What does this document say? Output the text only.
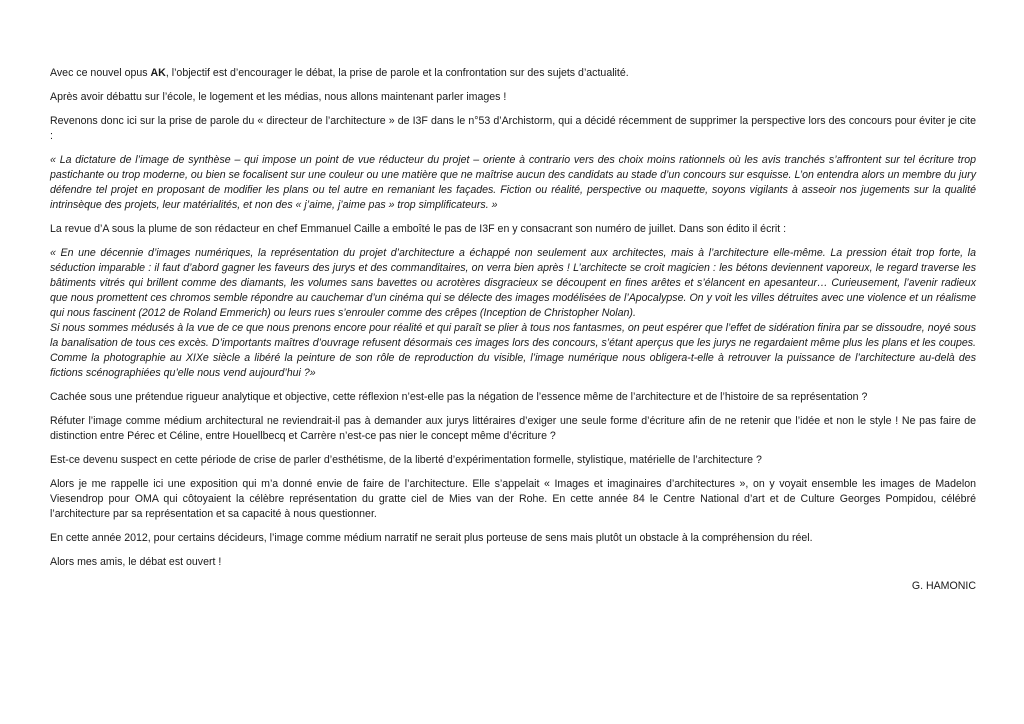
Avec ce nouvel opus AK, l’objectif est d’encourager le débat, la prise de parole et la confrontation sur des sujets d’actualité.

Après avoir débattu sur l’école, le logement et les médias, nous allons maintenant parler images !

Revenons donc ici sur la prise de parole du « directeur de l’architecture » de I3F dans le n°53 d’Archistorm, qui a décidé récemment de supprimer la perspective lors des concours pour éviter je cite :

« La dictature de l’image de synthèse – qui impose un point de vue réducteur du projet – oriente à contrario vers des choix moins rationnels où les avis tranchés s’affrontent sur tel écriture trop pastichante ou trop moderne, ou bien se focalisent sur une couleur ou une matière que ne maîtrise aucun des candidats au stade d’un concours sur esquisse. L’on entendra alors un membre du jury défendre tel projet en proposant de modifier les plans ou tel autre en remaniant les façades. Fiction ou réalité, perspective ou maquette, soyons vigilants à asseoir nos jugements sur la qualité intrinsèque des projets, leur matérialités, et non des « j’aime, j’aime pas » trop simplificateurs. »

La revue d’A sous la plume de son rédacteur en chef Emmanuel Caille a emboîté le pas de I3F en y consacrant son numéro de juillet. Dans son édito il écrit :

« En une décennie d’images numériques, la représentation du projet d’architecture a échappé non seulement aux architectes, mais à l’architecture elle-même. La pression était trop forte, la séduction imparable : il faut d’abord gagner les faveurs des jurys et des commanditaires, on verra bien après ! L’architecte se croit magicien : les bétons deviennent vaporeux, le regard traverse les bâtiments vitrés qui brillent comme des diamants, les volumes sans bavettes ou acrotères disgracieux se découpent en fines arêtes et s’élancent en apesanteur… Curieusement, l’avenir radieux que nous promettent ces chromos semble répondre au cauchemar d’un cinéma qui se délecte des images modélisées de l’Apocalypse. On y voit les villes détruites avec une violence et un réalisme qui nous fascinent (2012 de Roland Emmerich) ou leurs rues s’enrouler comme des crêpes (Inception de Christopher Nolan).

Si nous sommes médusés à la vue de ce que nous prenons encore pour réalité et qui paraît se plier à tous nos fantasmes, on peut espérer que l’effet de sidération finira par se dissoudre, noyé sous la banalisation de tous ces excès. D’importants maîtres d’ouvrage refusent désormais ces images lors des concours, s’étant aperçus que les jurys ne regardaient même plus les plans et les coupes. Comme la photographie au XIXe siècle a libéré la peinture de son rôle de reproduction du visible, l’image numérique nous obligera-t-elle à retrouver la puissance de l’architecture au-delà des fictions scénographiées qu’elle nous vend aujourd’hui ?»

Cachée sous une prétendue rigueur analytique et objective, cette réflexion n’est-elle pas la négation de l’essence même de l’architecture et de l’histoire de sa représentation ?

Réfuter l’image comme médium architectural ne reviendrait-il pas à demander aux jurys littéraires d’exiger une seule forme d’écriture afin de ne retenir que l’idée et non le style ! Ne pas faire de distinction entre Pérec et Céline, entre Houellbecq et Carrère n’est-ce pas nier le concept même d’écriture ?

Est-ce devenu suspect en cette période de crise de parler d’esthétisme, de la liberté d’expérimentation formelle, stylistique, matérielle de l’architecture ?

Alors je me rappelle ici une exposition qui m’a donné envie de faire de l’architecture. Elle s’appelait « Images et imaginaires d’architectures », on y voyait ensemble les images de Madelon Viesendrop pour OMA qui côtoyaient la célèbre représentation du gratte ciel de Mies van der Rohe. En cette année 84 le Centre National d’art et de Culture Georges Pompidou, célébré l’architecture par sa représentation et sa capacité à nous questionner.

En cette année 2012, pour certains décideurs, l’image comme médium narratif ne serait plus porteuse de sens mais plutôt un obstacle à la compréhension du réel.

Alors mes amis, le débat est ouvert !

G. HAMONIC
